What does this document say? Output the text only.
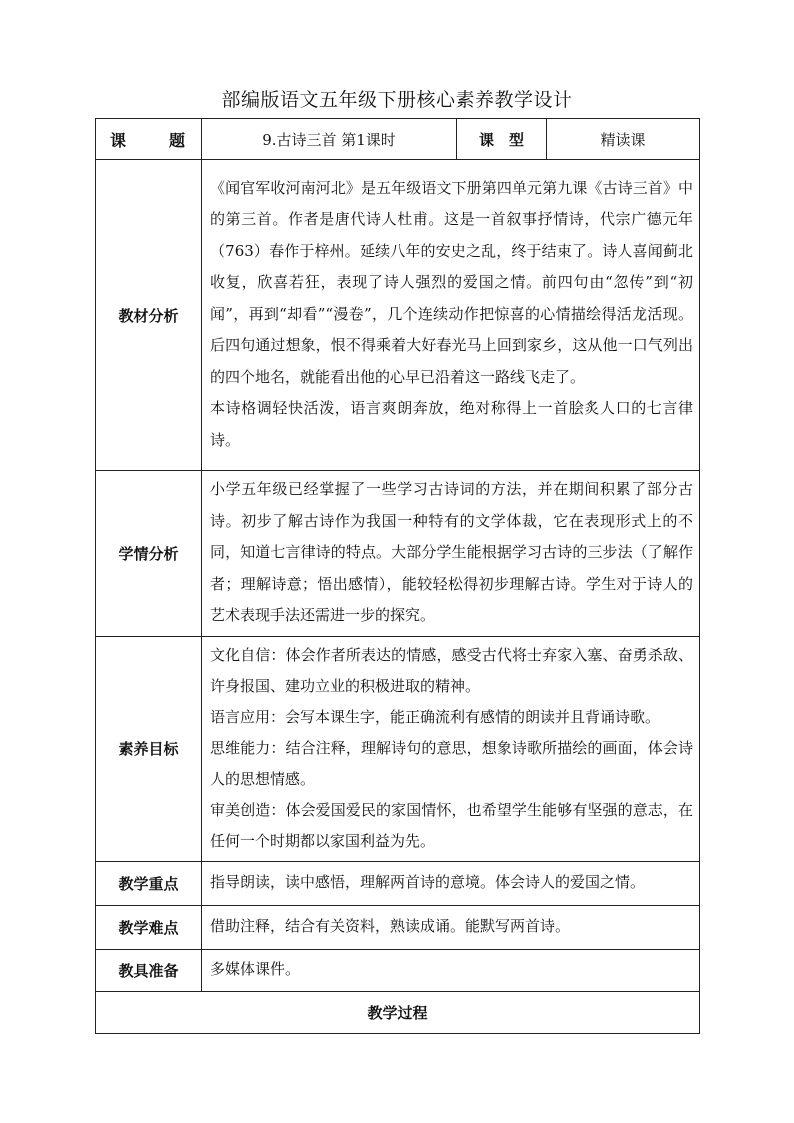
部编版语文五年级下册核心素养教学设计
课 题	9.古诗三首 第1课时	课　型	精读课
教材分析	《闻官军收河南河北》是五年级语文下册第四单元第九课《古诗三首》中的第三首。作者是唐代诗人杜甫。这是一首叙事抒情诗，代宗广德元年（763）春作于梓州。延续八年的安史之乱，终于结束了。诗人喜闻蓟北收复，欣喜若狂，表现了诗人强烈的爱国之情。前四句由“忽传”到“初闻”，再到“却看”“漫卷”，几个连续动作把惊喜的心情描绘得活龙活现。后四句通过想象，恨不得乘着大好春光马上回到家乡，这从他一口气列出的四个地名，就能看出他的心早已沿着这一路线飞走了。

本诗格调轻快活泼，语言爽朗奔放，绝对称得上一首脍炙人口的七言律诗。		

学情分析	小学五年级已经掌握了一些学习古诗词的方法，并在期间积累了部分古诗。初步了解古诗作为我国一种特有的文学体裁，它在表现形式上的不同，知道七言律诗的特点。大部分学生能根据学习古诗的三步法（了解作者；理解诗意；悟出感情），能较轻松得初步理解古诗。学生对于诗人的艺术表现手法还需进一步的探究。		

素养目标	文化自信：体会作者所表达的情感，感受古代将士弃家入塞、奋勇杀敌、许身报国、建功立业的积极进取的精神。

语言应用：会写本课生字，能正确流利有感情的朗读并且背诵诗歌。

思维能力：结合注释，理解诗句的意思，想象诗歌所描绘的画面，体会诗人的思想情感。

审美创造：体会爱国爱民的家国情怀，也希望学生能够有坚强的意志，在任何一个时期都以家国利益为先。		

教学重点	指导朗读，读中感悟，理解两首诗的意境。体会诗人的爱国之情。		

教学难点	借助注释，结合有关资料，熟读成诵。能默写两首诗。		

教具准备	多媒体课件。		

教学过程			
